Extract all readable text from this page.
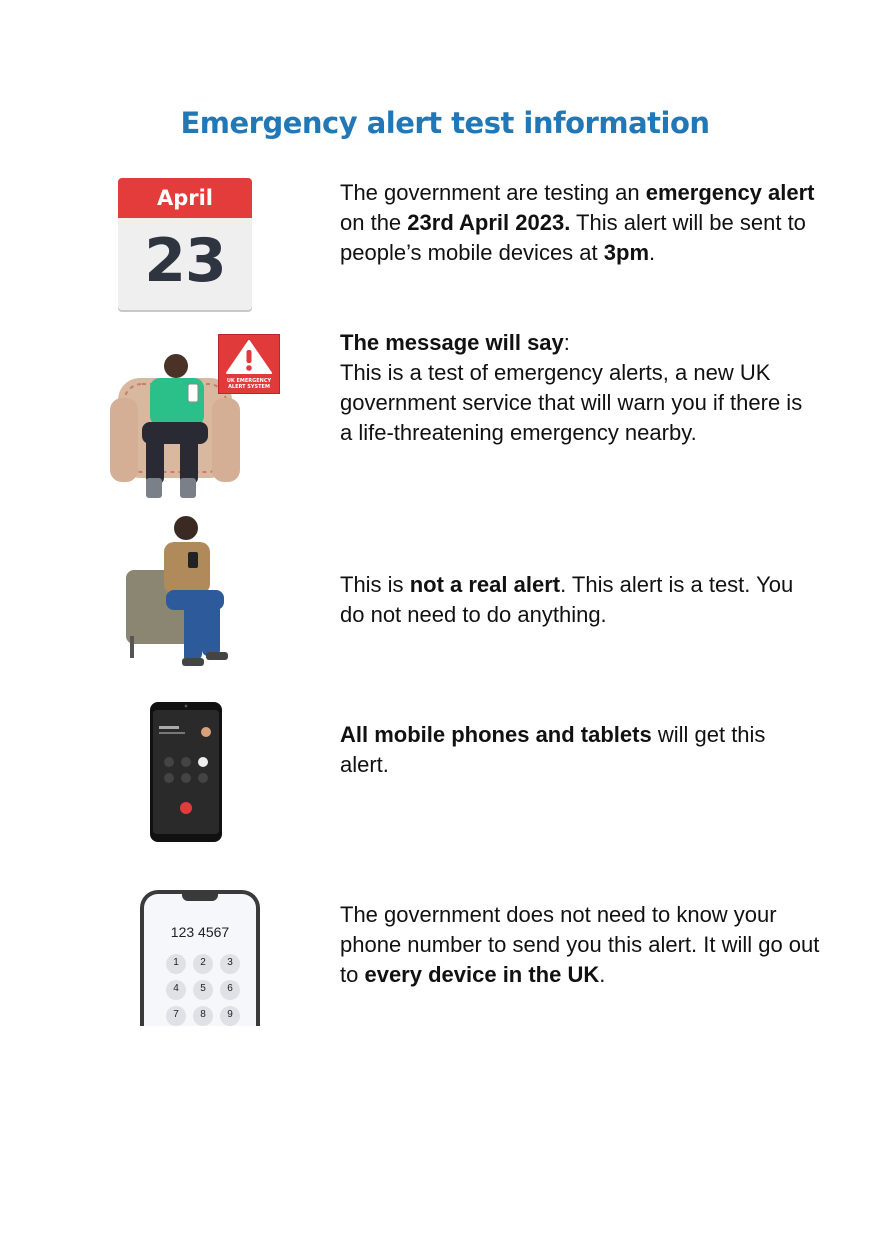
Emergency alert test information
April
23
The government are testing an emergency alert on the 23rd April 2023. This alert will be sent to people’s mobile devices at 3pm.
UK EMERGENCY
ALERT SYSTEM
The message will say:
This is a test of emergency alerts, a new UK government service that will warn you if there is a life-threatening emergency nearby.
This is not a real alert. This alert is a test. You do not need to do anything.
All mobile phones and tablets will get this alert.
123 4567
1	2	3
4	5	6
7	8	9
The government does not need to know your phone number to send you this alert. It will go out to every device in the UK.
